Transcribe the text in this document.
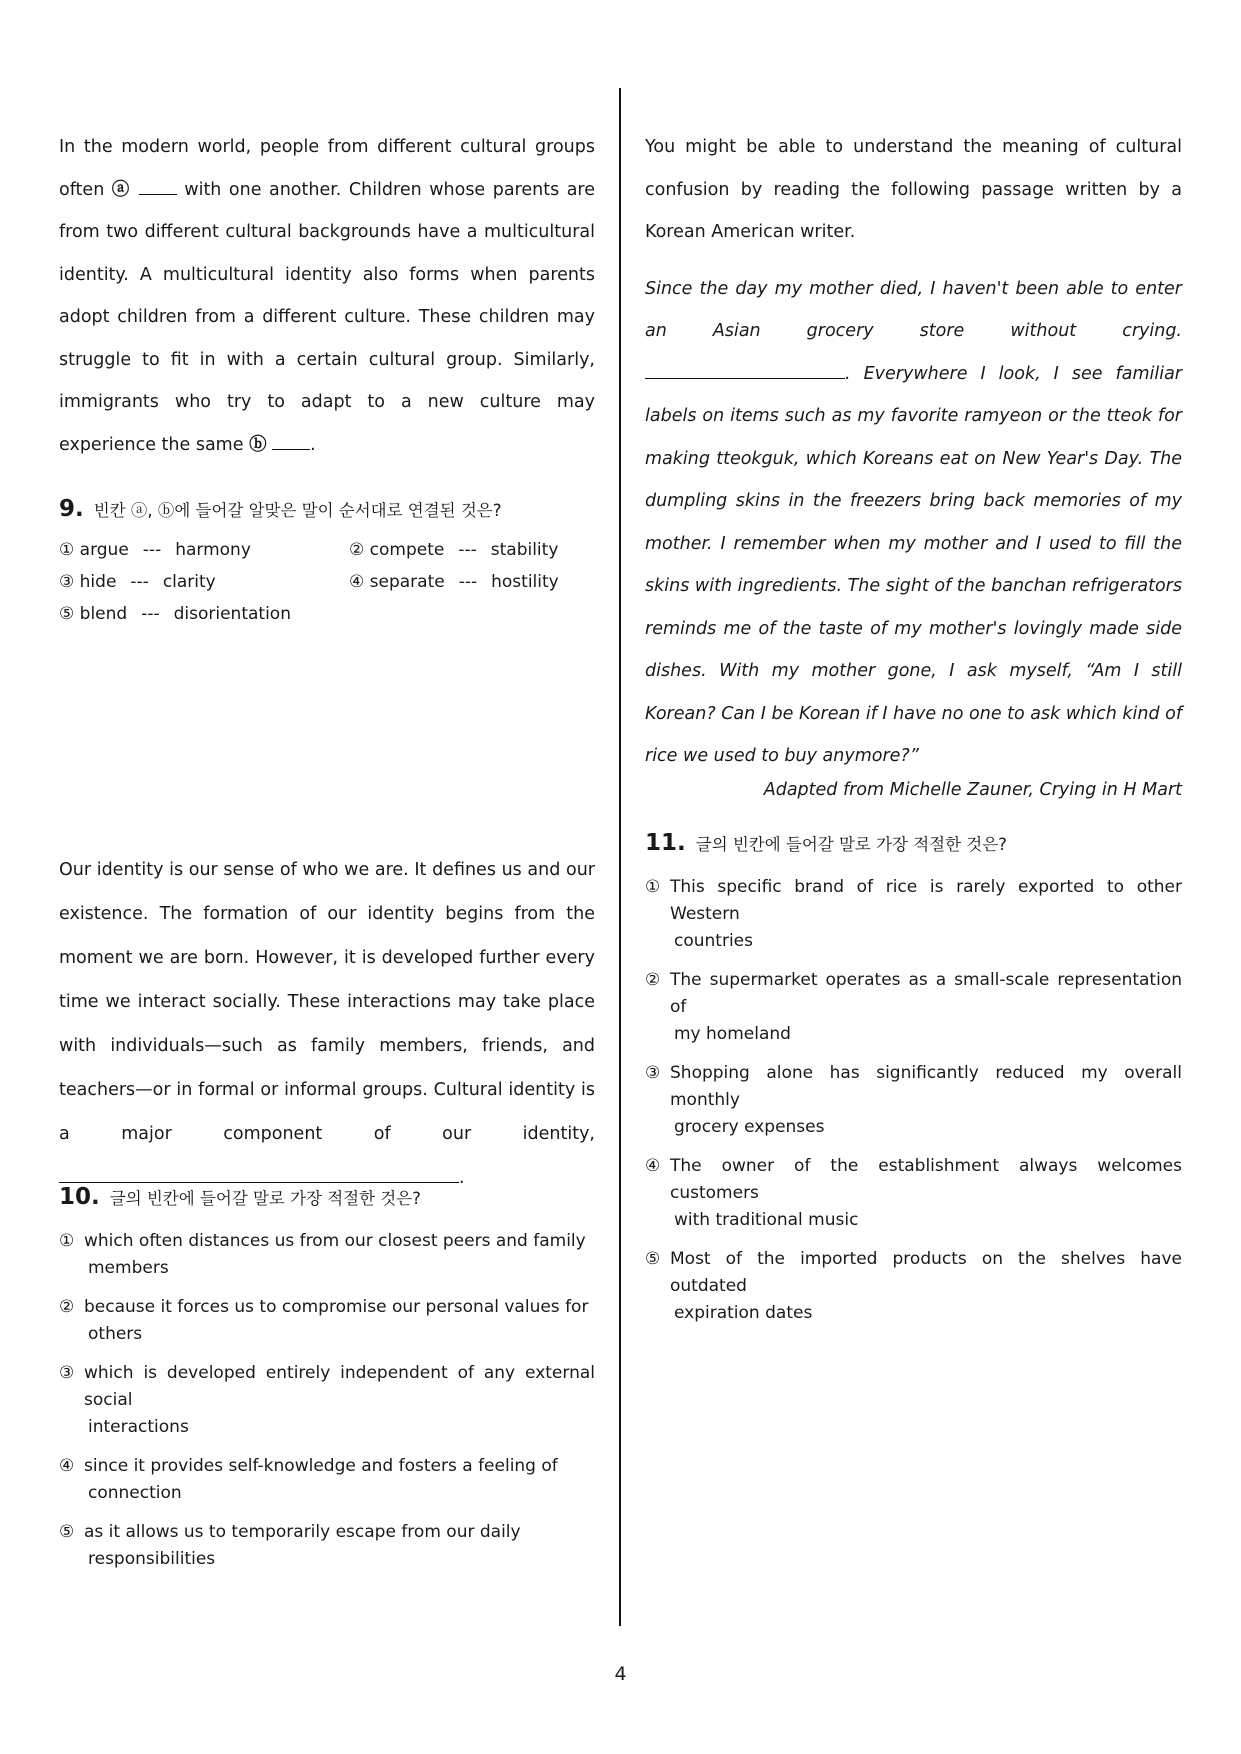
In the modern world, people from different cultural groups often ⓐ	with one another. Children whose parents are from two different cultural backgrounds have a multicultural identity. A multicultural identity also forms when parents adopt children from a different culture. These children may struggle to fit in with a certain cultural group. Similarly, immigrants who try to adapt to a new culture may experience the same ⓑ .

9. 빈칸 ⓐ, ⓑ에 들어갈 알맞은 말이 순서대로 연결된 것은?

① argue --- harmony	② compete --- stability
③ hide --- clarity	④ separate --- hostility
⑤ blend --- disorientation

Our identity is our sense of who we are. It defines us and our existence. The formation of our identity begins from the moment we are born. However, it is developed further every time we interact socially. These interactions may take place with individuals—such as family members, friends, and teachers—or in formal or informal groups. Cultural identity is a major component of our identity, .

10. 글의 빈칸에 들어갈 말로 가장 적절한 것은?

① which often distances us from our closest peers and family
members
② because it forces us to compromise our personal values for
others
③ which is developed entirely independent of any external social
interactions
④ since it provides self-knowledge and fosters a feeling of
connection
⑤ as it allows us to temporarily escape from our daily
responsibilities

You might be able to understand the meaning of cultural confusion by reading the following passage written by a Korean American writer.

Since the day my mother died, I haven't been able to enter an Asian grocery store without crying. . Everywhere I look, I see familiar labels on items such as my favorite ramyeon or the tteok for making tteokguk, which Koreans eat on New Year's Day. The dumpling skins in the freezers bring back memories of my mother. I remember when my mother and I used to fill the skins with ingredients. The sight of the banchan refrigerators reminds me of the taste of my mother's lovingly made side dishes. With my mother gone, I ask myself, “Am I still Korean? Can I be Korean if I have no one to ask which kind of rice we used to buy anymore?”
Adapted from Michelle Zauner, Crying in H Mart

11. 글의 빈칸에 들어갈 말로 가장 적절한 것은?

① This specific brand of rice is rarely exported to other Western
countries
② The supermarket operates as a small-scale representation of
my homeland
③ Shopping alone has significantly reduced my overall monthly
grocery expenses
④ The owner of the establishment always welcomes customers
with traditional music
⑤ Most of the imported products on the shelves have outdated
expiration dates
4
